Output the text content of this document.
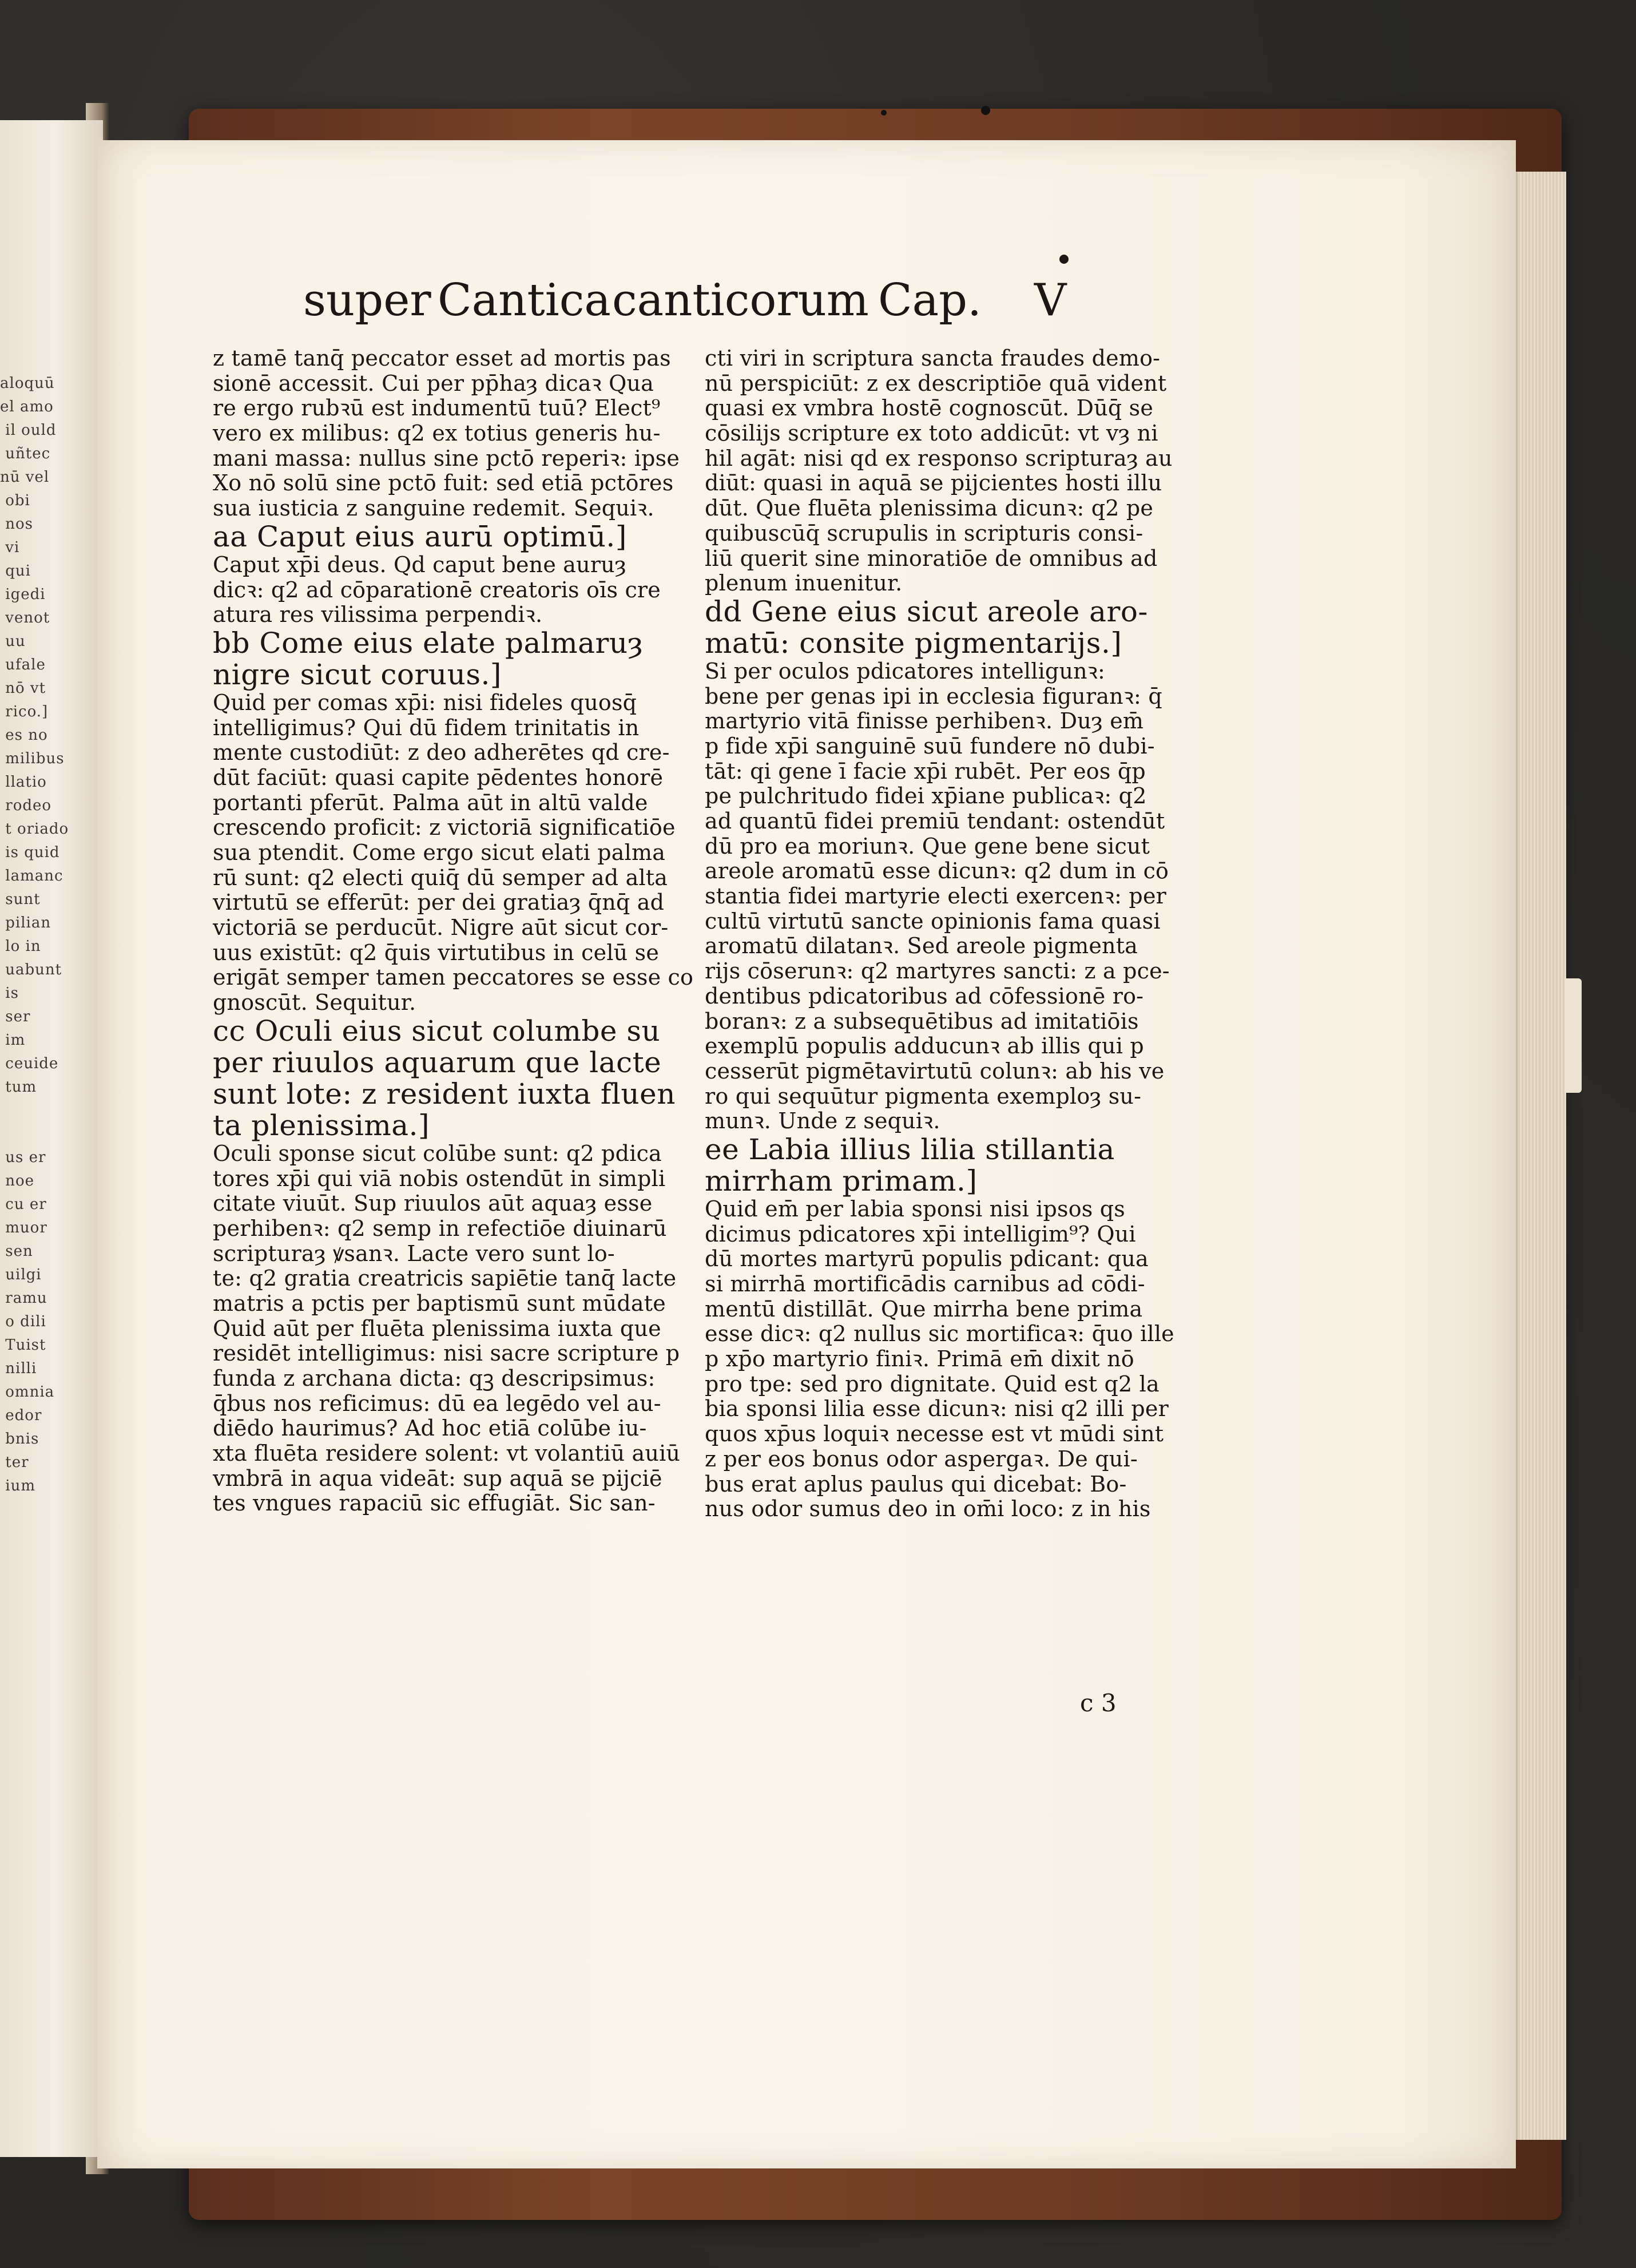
aloquū
el amo
il ould
uñtec
nū vel
obi
nos
vi
qui
igedi
venot
uu
ufale
nō vt
rico.]
es no
milibus
llatio
rodeo
t oriado
is quid
lamanc
sunt
pilian
lo in
uabunt
is
ser
im
ceuide
tum

us er
noe
cu er
muor
sen
uilgi
ramu
o dili
Tuist
nilli
omnia
edor
bnis
ter
ium
super Cantica canticorum Cap. V
z tamē tanq̄ peccator esset ad mortis pas
sionē accessit. Cui per pp̄haȝ dicaꝛ Qua
re ergo rubꝛū est indumentū tuū? Elect⁹
vero ex milibus: q2 ex totius generis hu-
mani massa: nullus sine pctō reperiꝛ: ipse
Xo nō solū sine pctō fuit: sed etiā pctōres
sua iusticia z sanguine redemit. Sequiꝛ.
aa Caput eius aurū optimū.]
Caput xp̄i deus. Qd caput bene auruȝ
dicꝛ: q2 ad cōparationē creatoris oīs cre
atura res vilissima perpendiꝛ.
bb Come eius elate palmaruȝ
nigre sicut coruus.]
Quid per comas xp̄i: nisi fideles quosq̄
intelligimus? Qui dū fidem trinitatis in
mente custodiūt: z deo adherētes qd cre-
dūt faciūt: quasi capite pēdentes honorē
portanti pferūt. Palma aūt in altū valde
crescendo proficit: z victoriā significatiōe
sua ptendit. Come ergo sicut elati palma
rū sunt: q2 electi quiq̄ dū semper ad alta
virtutū se efferūt: per dei gratiaȝ q̄nq̄ ad
victoriā se perducūt. Nigre aūt sicut cor-
uus existūt: q2 q̄uis virtutibus in celū se
erigāt semper tamen peccatores se esse co
gnoscūt. Sequitur.
cc Oculi eius sicut columbe su
per riuulos aquarum que lacte
sunt lote: z resident iuxta fluen
ta plenissima.]
Oculi sponse sicut colūbe sunt: q2 pdica
tores xp̄i qui viā nobis ostendūt in simpli
citate viuūt. Sup riuulos aūt aquaȝ esse
perhibenꝛ: q2 semp in refectiōe diuinarū
scripturaȝ ꝟsanꝛ. Lacte vero sunt lo-
te: q2 gratia creatricis sapiētie tanq̄ lacte
matris a pctis per baptismū sunt mūdate
Quid aūt per fluēta plenissima iuxta que
residēt intelligimus: nisi sacre scripture p
funda z archana dicta: qꝫ descripsimus:
q̄bus nos reficimus: dū ea legēdo vel au-
diēdo haurimus? Ad hoc etiā colūbe iu-
xta fluēta residere solent: vt volantiū auiū
vmbrā in aqua videāt: sup aquā se pijciē
tes vngues rapaciū sic effugiāt. Sic san-
cti viri in scriptura sancta fraudes demo-
nū perspiciūt: z ex descriptiōe quā vident
quasi ex vmbra hostē cognoscūt. Dūq̄ se
cōsilijs scripture ex toto addicūt: vt vȝ ni
hil agāt: nisi qd ex responso scripturaȝ au
diūt: quasi in aquā se pijcientes hosti illu
dūt. Que fluēta plenissima dicunꝛ: q2 pe
quibuscūq̄ scrupulis in scripturis consi-
liū querit sine minoratiōe de omnibus ad
plenum inuenitur.
dd Gene eius sicut areole aro-
matū: consite pigmentarijs.]
Si per oculos pdicatores intelligunꝛ:
bene per genas ipi in ecclesia figuranꝛ: q̄
martyrio vitā finisse perhibenꝛ. Duȝ em̄
p fide xp̄i sanguinē suū fundere nō dubi-
tāt: qi gene ī facie xp̄i rubēt. Per eos q̄p
pe pulchritudo fidei xp̄iane publicaꝛ: q2
ad quantū fidei premiū tendant: ostendūt
dū pro ea moriunꝛ. Que gene bene sicut
areole aromatū esse dicunꝛ: q2 dum in cō
stantia fidei martyrie electi exercenꝛ: per
cultū virtutū sancte opinionis fama quasi
aromatū dilatanꝛ. Sed areole pigmenta
rijs cōserunꝛ: q2 martyres sancti: z a pce-
dentibus pdicatoribus ad cōfessionē ro-
boranꝛ: z a subsequētibus ad imitatiōis
exemplū populis adducunꝛ ab illis qui p
cesserūt pigmētavirtutū colunꝛ: ab his ve
ro qui sequūtur pigmenta exemploȝ su-
munꝛ. Unde z sequiꝛ.
ee Labia illius lilia stillantia
mirrham primam.]
Quid em̄ per labia sponsi nisi ipsos qs
dicimus pdicatores xp̄i intelligim⁹? Qui
dū mortes martyrū populis pdicant: qua
si mirrhā mortificādis carnibus ad cōdi-
mentū distillāt. Que mirrha bene prima
esse dicꝛ: q2 nullus sic mortificaꝛ: q̄uo ille
p xp̄o martyrio finiꝛ. Primā em̄ dixit nō
pro tpe: sed pro dignitate. Quid est q2 la
bia sponsi lilia esse dicunꝛ: nisi q2 illi per
quos xp̄us loquiꝛ necesse est vt mūdi sint
z per eos bonus odor aspergaꝛ. De qui-
bus erat aplus paulus qui dicebat: Bo-
nus odor sumus deo in om̄i loco: z in his
c 3
